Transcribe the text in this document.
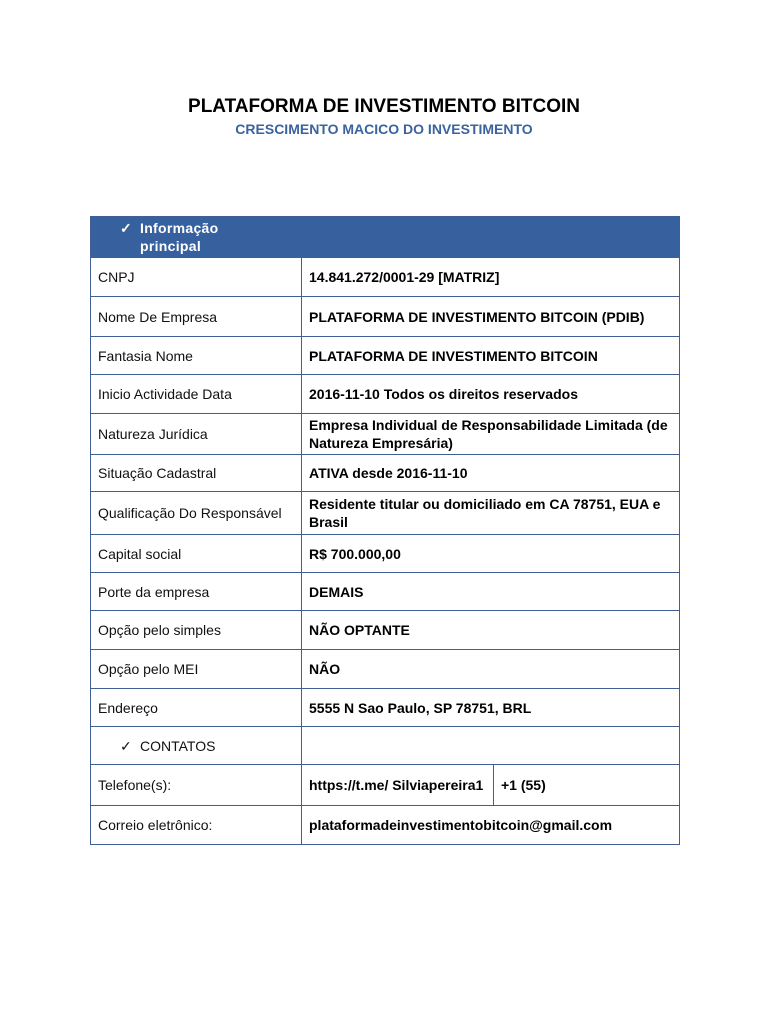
PLATAFORMA DE INVESTIMENTO BITCOIN
CRESCIMENTO MACICO DO INVESTIMENTO
✓ Informação principal		
CNPJ	14.841.272/0001-29 [MATRIZ]	
Nome De Empresa	PLATAFORMA DE INVESTIMENTO BITCOIN (PDIB)	
Fantasia Nome	PLATAFORMA DE INVESTIMENTO BITCOIN	
Inicio Actividade Data	2016-11-10 Todos os direitos reservados	
Natureza Jurídica	Empresa Individual de Responsabilidade Limitada (de Natureza Empresária)	
Situação Cadastral	ATIVA desde 2016-11-10	
Qualificação Do Responsável	Residente titular ou domiciliado em CA 78751, EUA e Brasil	
Capital social	R$ 700.000,00	
Porte da empresa	DEMAIS	
Opção pelo simples	NÃO OPTANTE	
Opção pelo MEI	NÃO	
Endereço	5555 N Sao Paulo, SP 78751, BRL	
✓ CONTATOS		
Telefone(s):	https://t.me/ Silviapereira1	+1 (55)
Correio eletrônico:	plataformadeinvestimentobitcoin@gmail.com	
